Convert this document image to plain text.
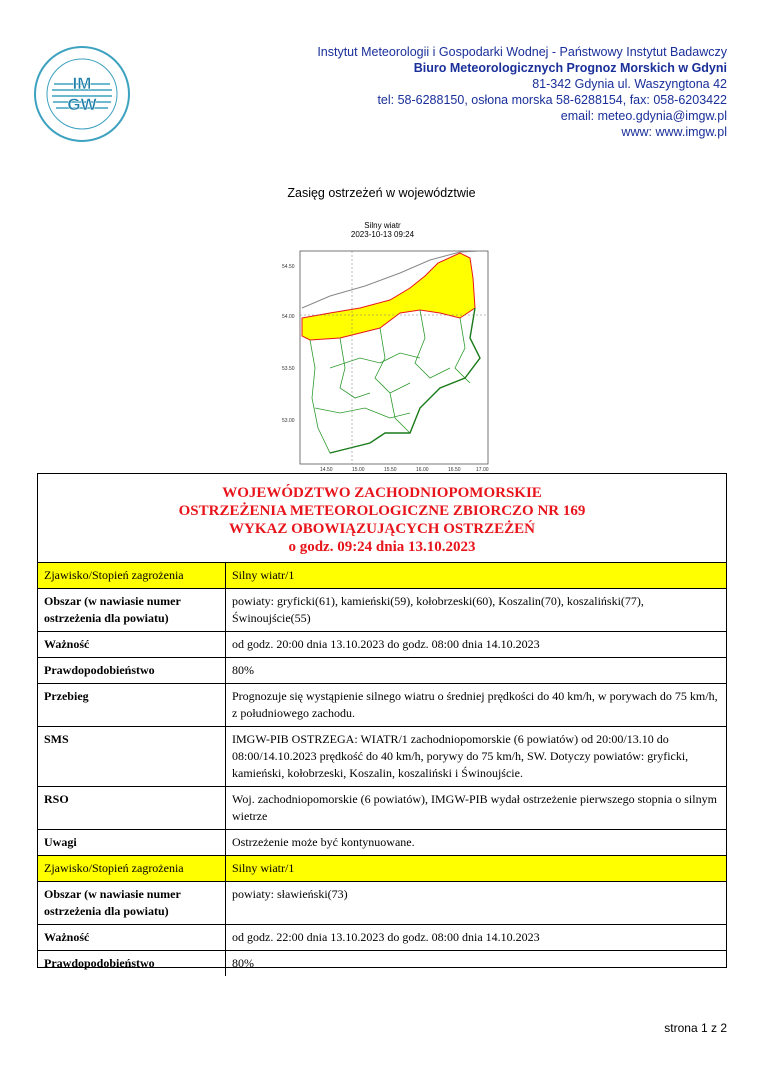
IM
GW
Instytut Meteorologii i Gospodarki Wodnej - Państwowy Instytut Badawczy
Biuro Meteorologicznych Prognoz Morskich w Gdyni
81-342 Gdynia ul. Waszyngtona 42
tel: 58-6288150, osłona morska 58-6288154, fax: 058-6203422
email: meteo.gdynia@imgw.pl
www: www.imgw.pl
Zasięg ostrzeżeń w województwie
Silny wiatr
2023-10-13 09:24
14.50	15.00	15.50	16.00	16.50	17.00
54.50
54.00
53.50
53.00
WOJEWÓDZTWO ZACHODNIOPOMORSKIE
OSTRZEŻENIA METEOROLOGICZNE ZBIORCZO NR 169
WYKAZ OBOWIĄZUJĄCYCH OSTRZEŻEŃ
o godz. 09:24 dnia 13.10.2023
Zjawisko/Stopień zagrożenia	Silny wiatr/1
Obszar (w nawiasie numer ostrzeżenia dla powiatu)	powiaty: gryficki(61), kamieński(59), kołobrzeski(60), Koszalin(70), koszaliński(77), Świnoujście(55)
Ważność	od godz. 20:00 dnia 13.10.2023 do godz. 08:00 dnia 14.10.2023
Prawdopodobieństwo	80%
Przebieg	Prognozuje się wystąpienie silnego wiatru o średniej prędkości do 40 km/h, w porywach do 75 km/h, z południowego zachodu.
SMS	IMGW-PIB OSTRZEGA: WIATR/1 zachodniopomorskie (6 powiatów) od 20:00/13.10 do 08:00/14.10.2023 prędkość do 40 km/h, porywy do 75 km/h, SW. Dotyczy powiatów: gryficki, kamieński, kołobrzeski, Koszalin, koszaliński i Świnoujście.
RSO	Woj. zachodniopomorskie (6 powiatów), IMGW-PIB wydał ostrzeżenie pierwszego stopnia o silnym wietrze
Uwagi	Ostrzeżenie może być kontynuowane.
Zjawisko/Stopień zagrożenia	Silny wiatr/1
Obszar (w nawiasie numer ostrzeżenia dla powiatu)	powiaty: sławieński(73)
Ważność	od godz. 22:00 dnia 13.10.2023 do godz. 08:00 dnia 14.10.2023
Prawdopodobieństwo	80%
strona 1 z 2
